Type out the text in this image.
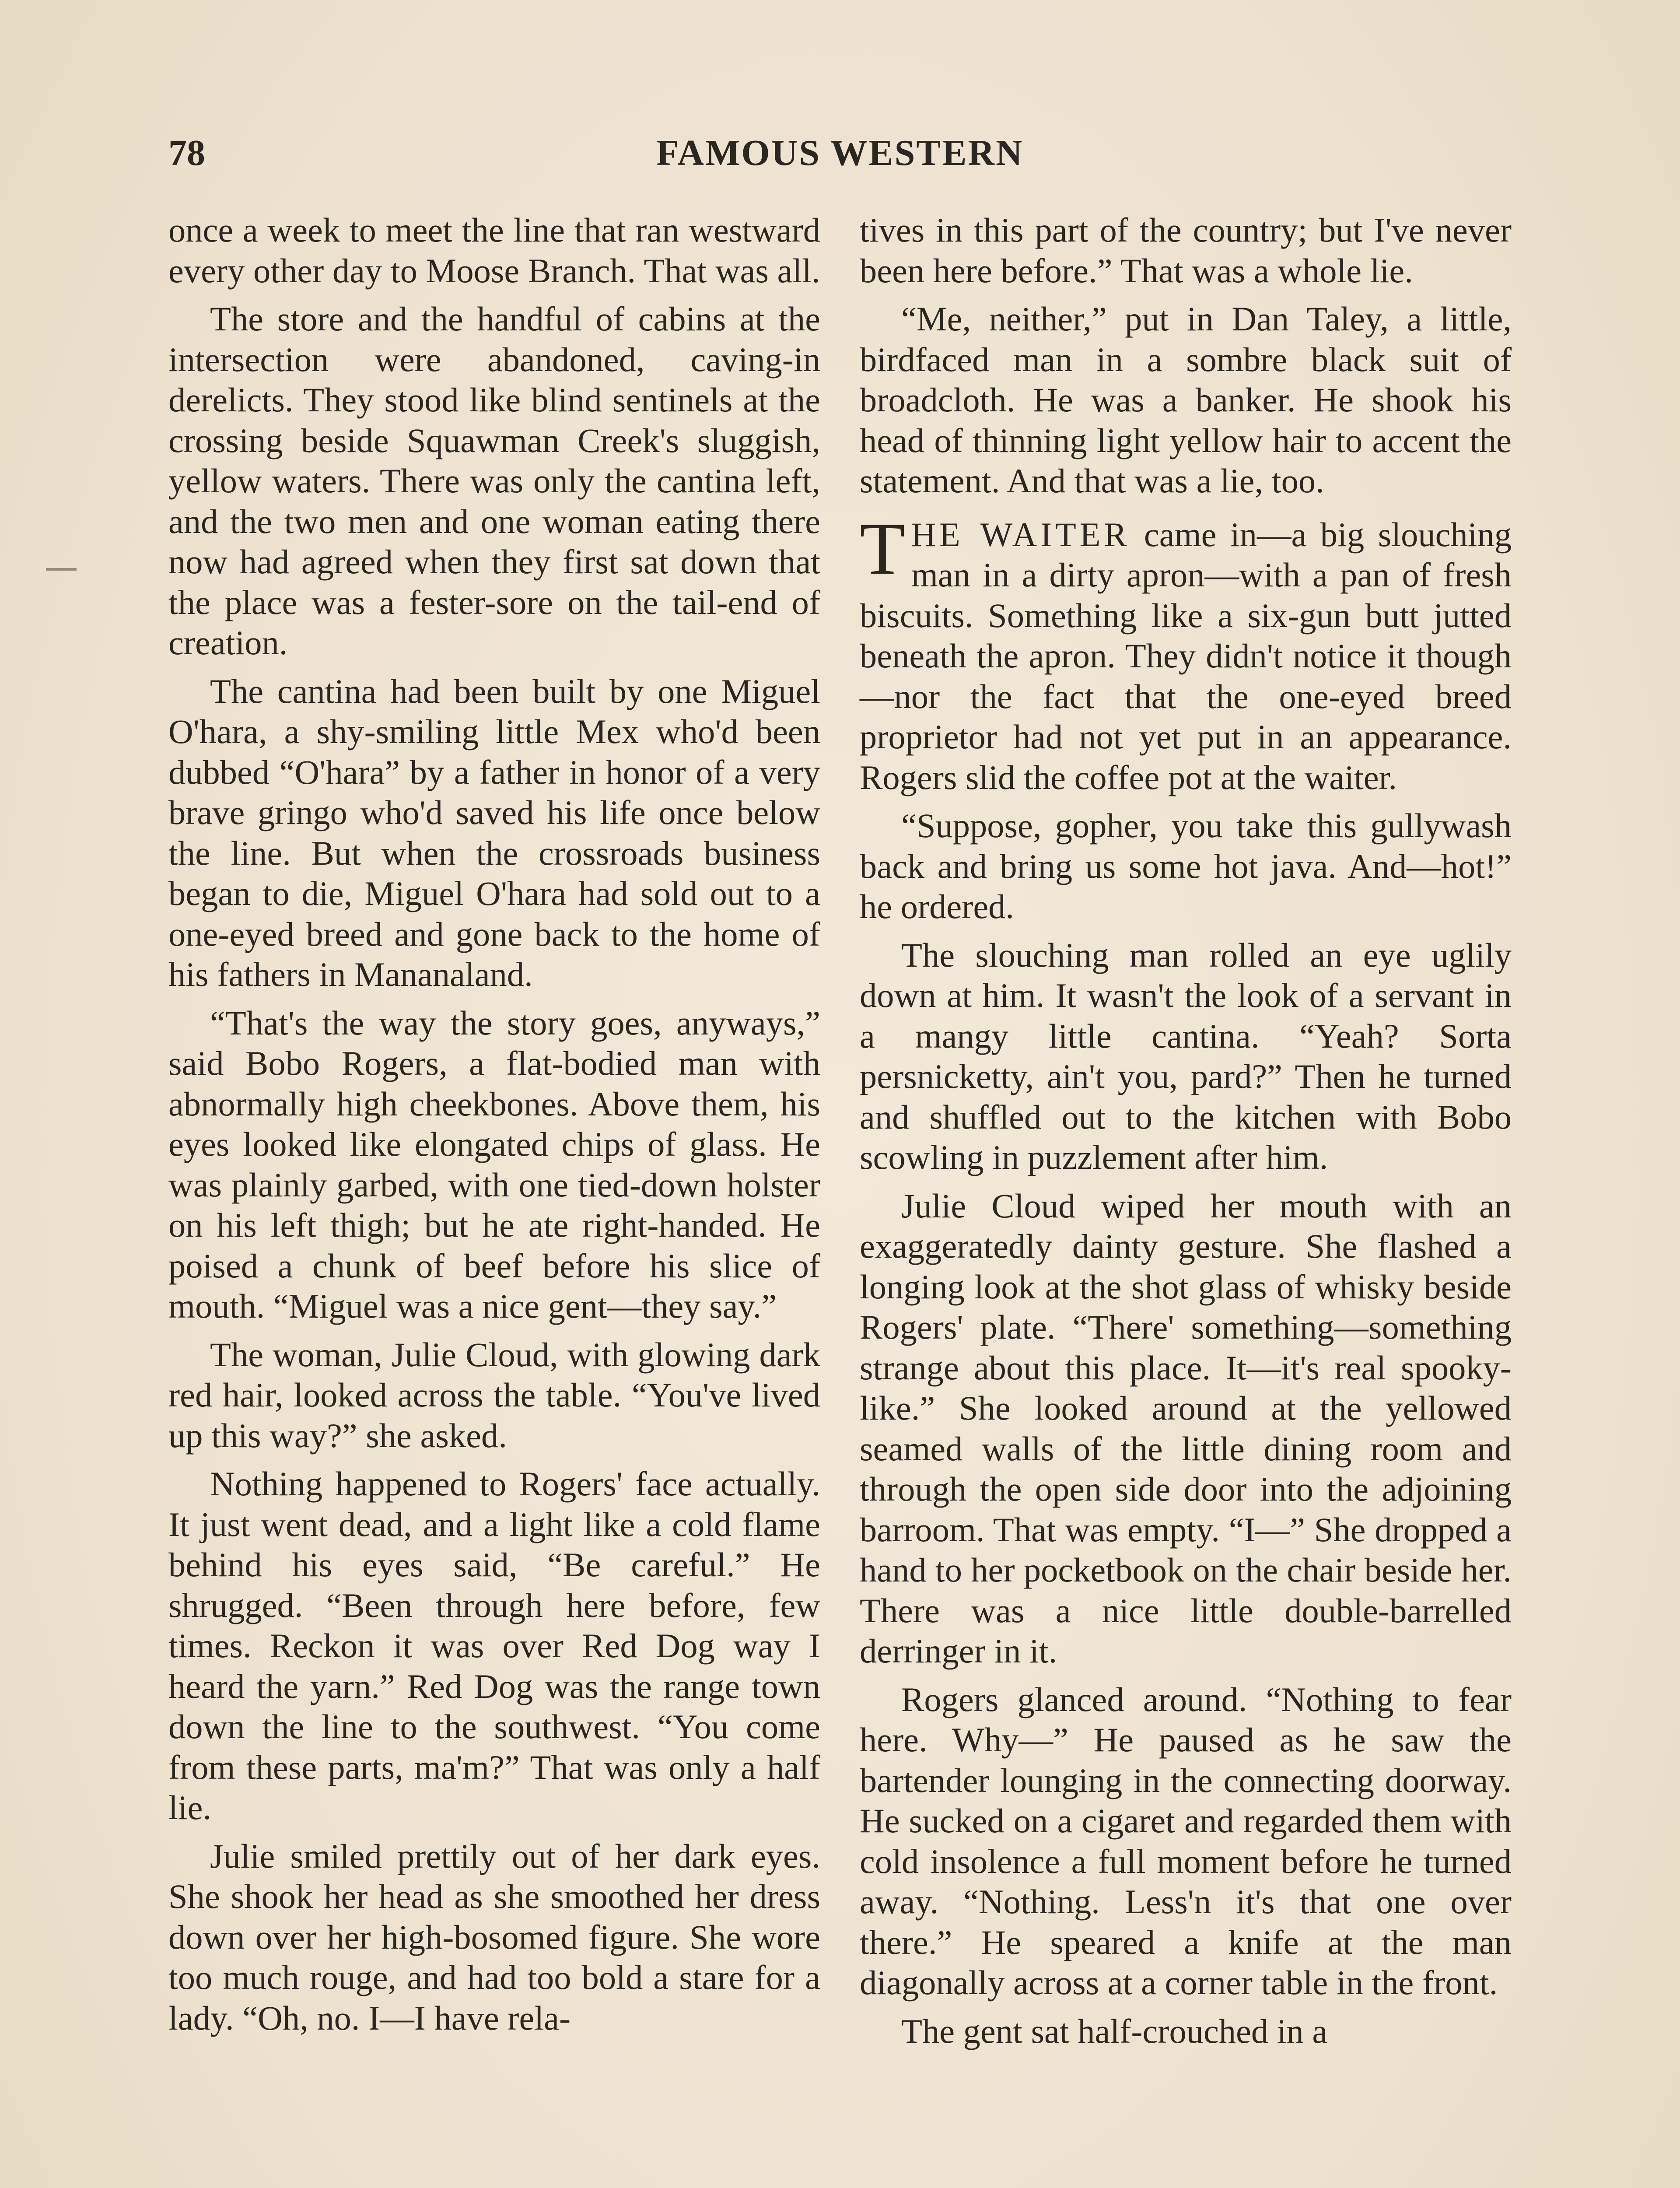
78	FAMOUS WESTERN

once a week to meet the line that ran westward every other day to Moose Branch. That was all.

The store and the handful of cabins at the intersection were abandoned, caving-in derelicts. They stood like blind sentinels at the crossing beside Squawman Creek's sluggish, yellow waters. There was only the cantina left, and the two men and one woman eating there now had agreed when they first sat down that the place was a fester-sore on the tail-end of creation.

The cantina had been built by one Miguel O'hara, a shy-smiling little Mex who'd been dubbed “O'hara” by a father in honor of a very brave gringo who'd saved his life once below the line. But when the crossroads business began to die, Miguel O'hara had sold out to a one-eyed breed and gone back to the home of his fathers in Mananaland.

“That's the way the story goes, anyways,” said Bobo Rogers, a flat-bodied man with abnormally high cheekbones. Above them, his eyes looked like elongated chips of glass. He was plainly garbed, with one tied-down holster on his left thigh; but he ate right-handed. He poised a chunk of beef before his slice of mouth. “Miguel was a nice gent—they say.”

The woman, Julie Cloud, with glowing dark red hair, looked across the table. “You've lived up this way?” she asked.

Nothing happened to Rogers' face actually. It just went dead, and a light like a cold flame behind his eyes said, “Be careful.” He shrugged. “Been through here before, few times. Reckon it was over Red Dog way I heard the yarn.” Red Dog was the range town down the line to the southwest. “You come from these parts, ma'm?” That was only a half lie.

Julie smiled prettily out of her dark eyes. She shook her head as she smoothed her dress down over her high-bosomed figure. She wore too much rouge, and had too bold a stare for a lady. “Oh, no. I—I have rela-

tives in this part of the country; but I've never been here before.” That was a whole lie.

“Me, neither,” put in Dan Taley, a little, birdfaced man in a sombre black suit of broadcloth. He was a banker. He shook his head of thinning light yellow hair to accent the statement. And that was a lie, too.

THE WAITER came in—a big slouching man in a dirty apron—with a pan of fresh biscuits. Something like a six-gun butt jutted beneath the apron. They didn't notice it though—nor the fact that the one-eyed breed proprietor had not yet put in an appearance. Rogers slid the coffee pot at the waiter.

“Suppose, gopher, you take this gullywash back and bring us some hot java. And—hot!” he ordered.

The slouching man rolled an eye uglily down at him. It wasn't the look of a servant in a mangy little cantina. “Yeah? Sorta persnicketty, ain't you, pard?” Then he turned and shuffled out to the kitchen with Bobo scowling in puzzlement after him.

Julie Cloud wiped her mouth with an exaggeratedly dainty gesture. She flashed a longing look at the shot glass of whisky beside Rogers' plate. “There' something—something strange about this place. It—it's real spooky-like.” She looked around at the yellowed seamed walls of the little dining room and through the open side door into the adjoining barroom. That was empty. “I—” She dropped a hand to her pocketbook on the chair beside her. There was a nice little double-barrelled derringer in it.

Rogers glanced around. “Nothing to fear here. Why—” He paused as he saw the bartender lounging in the connecting doorway. He sucked on a cigaret and regarded them with cold insolence a full moment before he turned away. “Nothing. Less'n it's that one over there.” He speared a knife at the man diagonally across at a corner table in the front.

The gent sat half-crouched in a
